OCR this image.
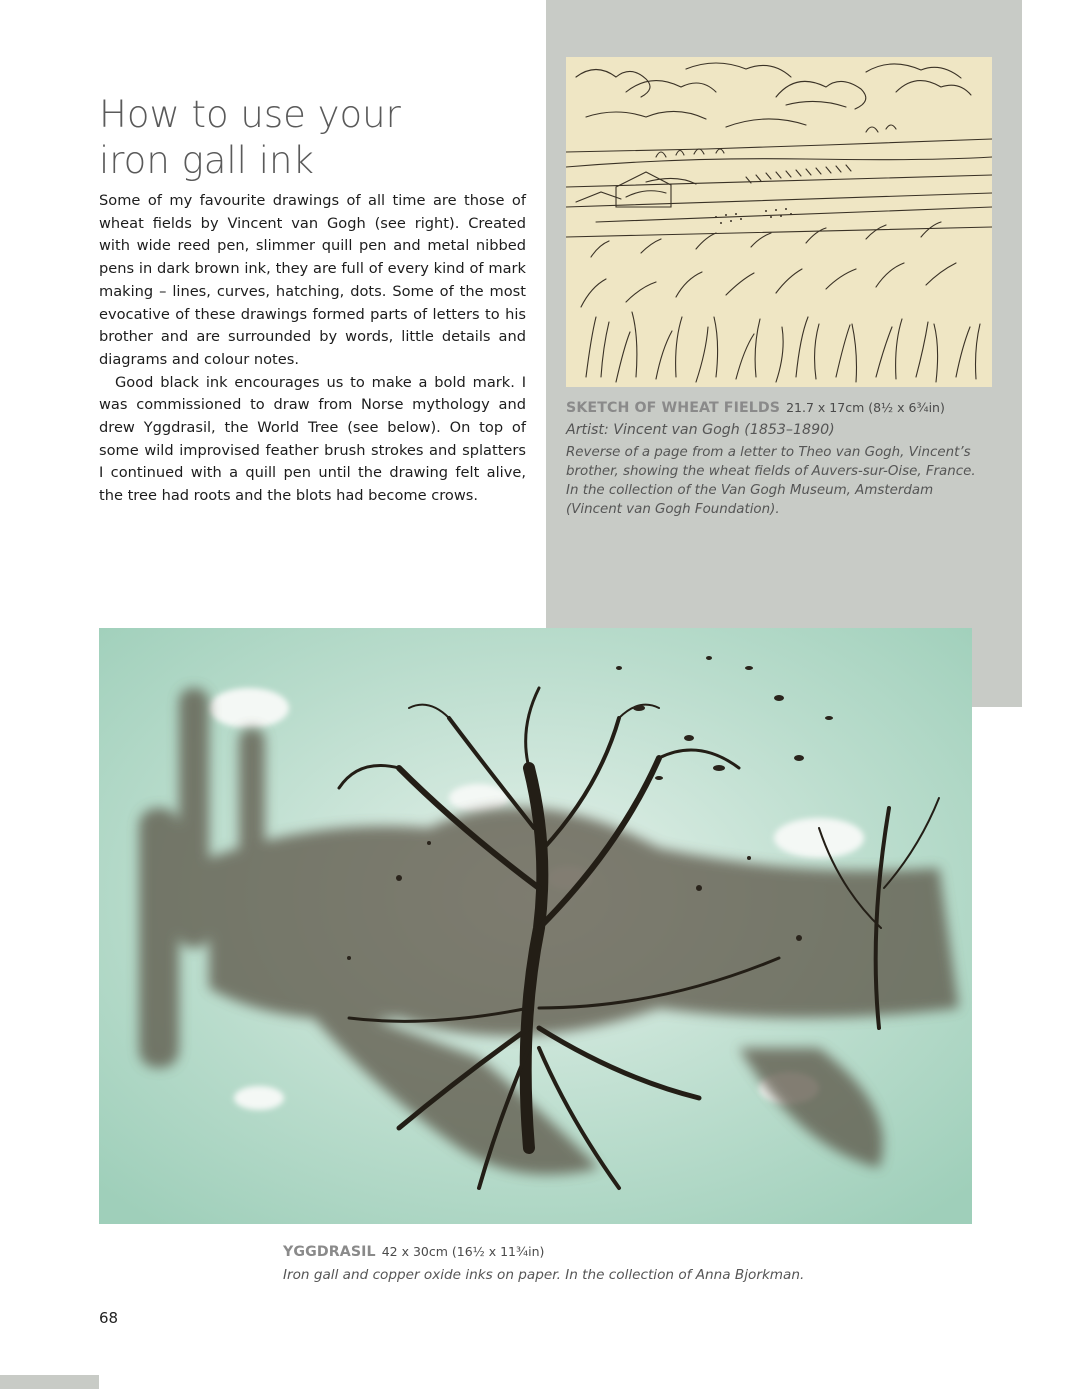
How to use your
iron gall ink

Some of my favourite drawings of all time are those of wheat fields by Vincent van Gogh (see right). Created with wide reed pen, slimmer quill pen and metal nibbed pens in dark brown ink, they are full of every kind of mark making – lines, curves, hatching, dots. Some of the most evocative of these drawings formed parts of letters to his brother and are surrounded by words, little details and diagrams and colour notes.

Good black ink encourages us to make a bold mark. I was commissioned to draw from Norse mythology and drew Yggdrasil, the World Tree (see below). On top of some wild improvised feather brush strokes and splatters I continued with a quill pen until the drawing felt alive, the tree had roots and the blots had become crows.

SKETCH OF WHEAT FIELDS 21.7 x 17cm (8½ x 6¾in)
Artist: Vincent van Gogh (1853–1890)
Reverse of a page from a letter to Theo van Gogh, Vincent’s brother, showing the wheat fields of Auvers-sur-Oise, France. In the collection of the Van Gogh Museum, Amsterdam (Vincent van Gogh Foundation).
YGGDRASIL 42 x 30cm (16½ x 11¾in)
Iron gall and copper oxide inks on paper. In the collection of Anna Bjorkman.
68
